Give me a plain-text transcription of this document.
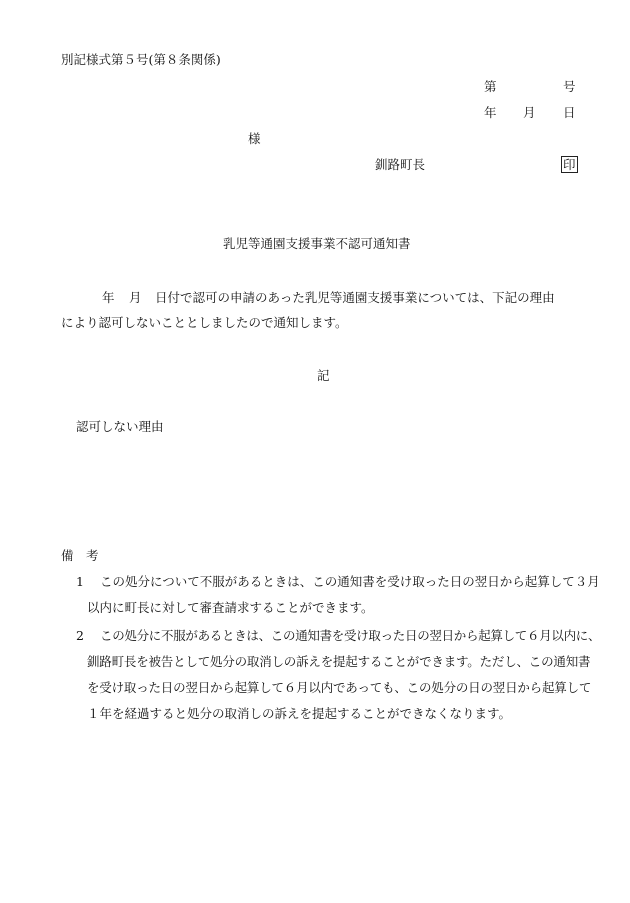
別記様式第５号(第８条関係)
第	号
年 月 日
様
釧路町長	印
乳児等通園支援事業不認可通知書
年 月 日付で認可の申請のあった乳児等通園支援事業については、下記の理由
により認可しないこととしましたので通知します。
記
認可しない理由
備　考
1 この処分について不服があるときは、この通知書を受け取った日の翌日から起算して３月
以内に町長に対して審査請求することができます。
2 この処分に不服があるときは、この通知書を受け取った日の翌日から起算して６月以内に、
釧路町長を被告として処分の取消しの訴えを提起することができます。ただし、この通知書
を受け取った日の翌日から起算して６月以内であっても、この処分の日の翌日から起算して
１年を経過すると処分の取消しの訴えを提起することができなくなります。
